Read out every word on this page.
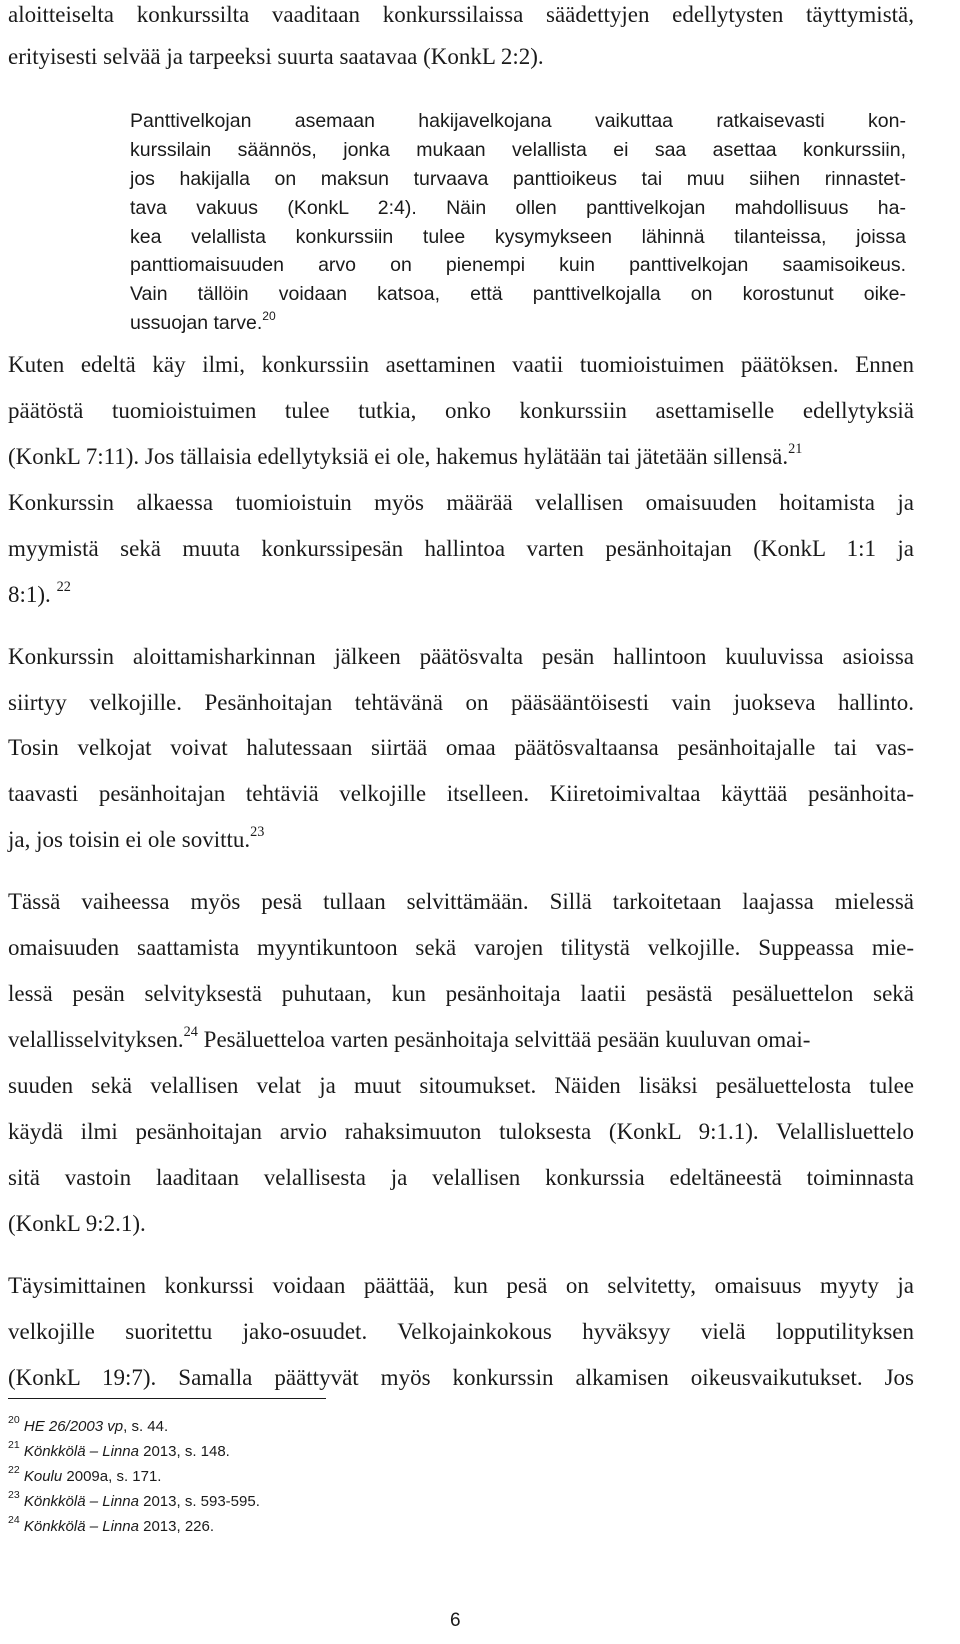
aloitteiselta konkurssilta vaaditaan konkurssilaissa säädettyjen edellytysten täyttymistä,

erityisesti selvää ja tarpeeksi suurta saatavaa (KonkL 2:2).

Panttivelkojan asemaan hakijavelkojana vaikuttaa ratkaisevasti kon-

kurssilain säännös, jonka mukaan velallista ei saa asettaa konkurssiin,

jos hakijalla on maksun turvaava panttioikeus tai muu siihen rinnastet-

tava vakuus (KonkL 2:4). Näin ollen panttivelkojan mahdollisuus ha-

kea velallista konkurssiin tulee kysymykseen lähinnä tilanteissa, joissa

panttiomaisuuden arvo on pienempi kuin panttivelkojan saamisoikeus.

Vain tällöin voidaan katsoa, että panttivelkojalla on korostunut oike-

ussuojan tarve.$^{20}$

Kuten edeltä käy ilmi, konkurssiin asettaminen vaatii tuomioistuimen päätöksen. Ennen

päätöstä tuomioistuimen tulee tutkia, onko konkurssiin asettamiselle edellytyksiä

(KonkL 7:11). Jos tällaisia edellytyksiä ei ole, hakemus hylätään tai jätetään sillensä.$^{21}$

Konkurssin alkaessa tuomioistuin myös määrää velallisen omaisuuden hoitamista ja

myymistä sekä muuta konkurssipesän hallintoa varten pesänhoitajan (KonkL 1:1 ja

8:1). $^{22}$

Konkurssin aloittamisharkinnan jälkeen päätösvalta pesän hallintoon kuuluvissa asioissa

siirtyy velkojille. Pesänhoitajan tehtävänä on pääsääntöisesti vain juokseva hallinto.

Tosin velkojat voivat halutessaan siirtää omaa päätösvaltaansa pesänhoitajalle tai vas-

taavasti pesänhoitajan tehtäviä velkojille itselleen. Kiiretoimivaltaa käyttää pesänhoita-

ja, jos toisin ei ole sovittu.$^{23}$

Tässä vaiheessa myös pesä tullaan selvittämään. Sillä tarkoitetaan laajassa mielessä

omaisuuden saattamista myyntikuntoon sekä varojen tilitystä velkojille. Suppeassa mie-

lessä pesän selvityksestä puhutaan, kun pesänhoitaja laatii pesästä pesäluettelon sekä

velallisselvityksen.$^{24}$ Pesäluetteloa varten pesänhoitaja selvittää pesään kuuluvan omai-

suuden sekä velallisen velat ja muut sitoumukset. Näiden lisäksi pesäluettelosta tulee

käydä ilmi pesänhoitajan arvio rahaksimuuton tuloksesta (KonkL 9:1.1). Velallisluettelo

sitä vastoin laaditaan velallisesta ja velallisen konkurssia edeltäneestä toiminnasta

(KonkL 9:2.1).

Täysimittainen konkurssi voidaan päättää, kun pesä on selvitetty, omaisuus myyty ja

velkojille suoritettu jako-osuudet. Velkojainkokous hyväksyy vielä lopputilityksen

(KonkL 19:7). Samalla päättyvät myös konkurssin alkamisen oikeusvaikutukset. Jos

$^{20}$ HE 26/2003 vp, s. 44.
$^{21}$ Könkkölä – Linna 2013, s. 148.
$^{22}$ Koulu 2009a, s. 171.
$^{23}$ Könkkölä – Linna 2013, s. 593-595.
$^{24}$ Könkkölä – Linna 2013, 226.
6
